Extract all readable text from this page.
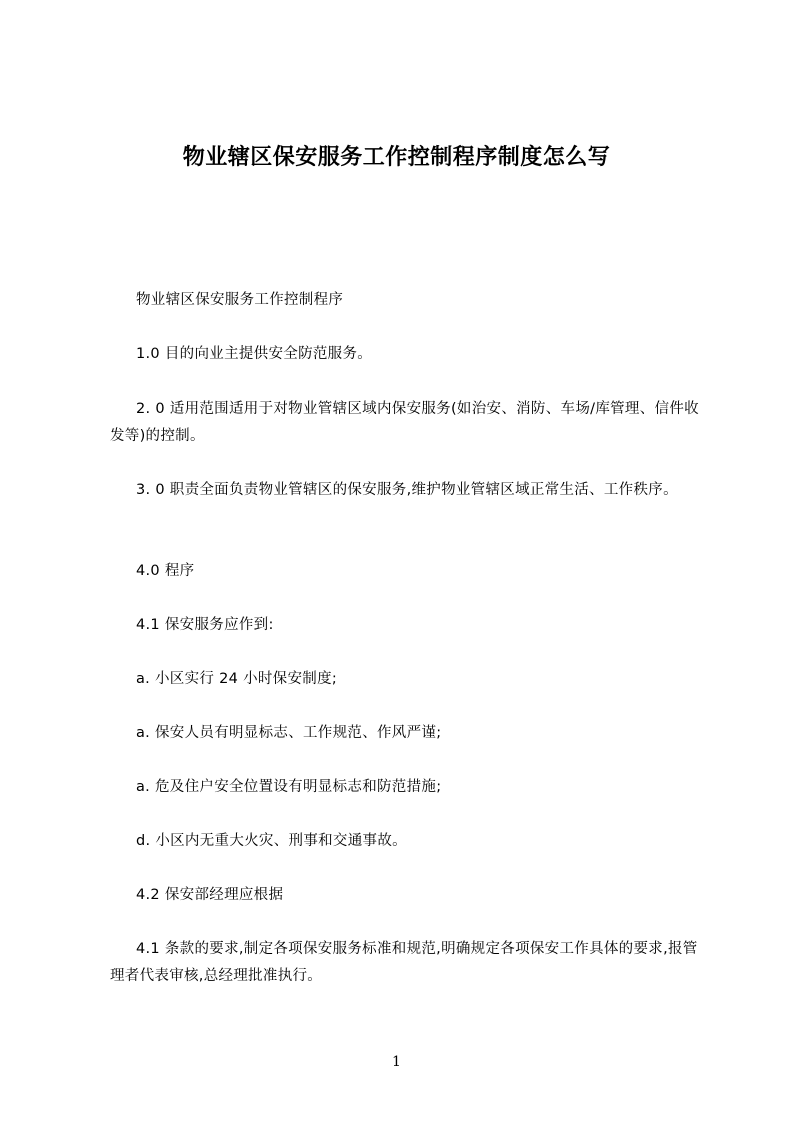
物业辖区保安服务工作控制程序制度怎么写
物业辖区保安服务工作控制程序
1.0 目的向业主提供安全防范服务。
2. 0 适用范围适用于对物业管辖区域内保安服务(如治安、消防、车场/库管理、信件收发等)的控制。
3. 0 职责全面负责物业管辖区的保安服务,维护物业管辖区域正常生活、工作秩序。
4.0 程序
4.1 保安服务应作到:
a. 小区实行 24 小时保安制度;
a. 保安人员有明显标志、工作规范、作风严谨;
a. 危及住户安全位置设有明显标志和防范措施;
d. 小区内无重大火灾、刑事和交通事故。
4.2 保安部经理应根据
4.1 条款的要求,制定各项保安服务标准和规范,明确规定各项保安工作具体的要求,报管理者代表审核,总经理批准执行。
1
